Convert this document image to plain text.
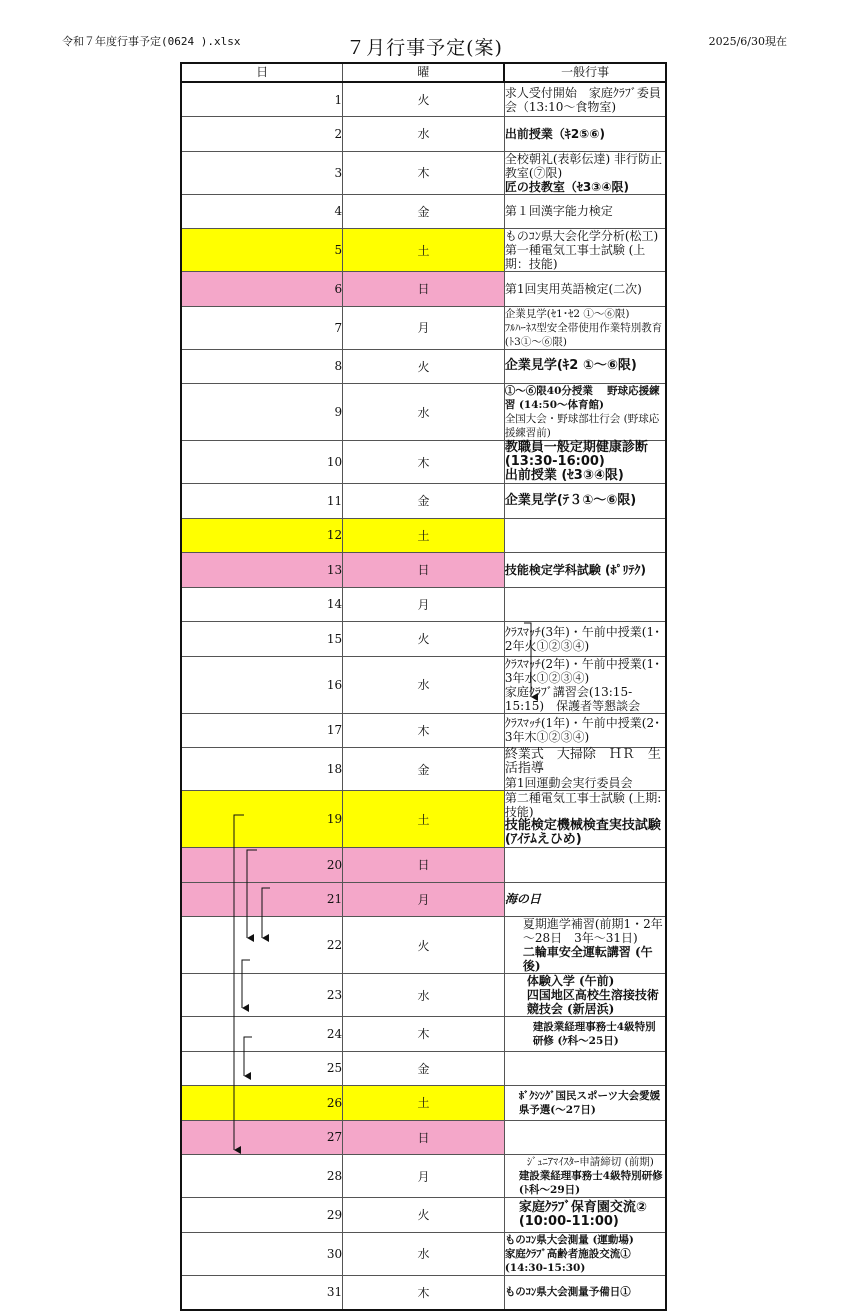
令和７年度行事予定(0624 ).xlsx	７月行事予定(案)	2025/6/30現在
日	曜	一般行事
1	火	求人受付開始　家庭ｸﾗﾌﾞ委員会（13:10～食物室)

2	水	出前授業（ｷ2⑤⑥)

3	木	全校朝礼(表彰伝達) 非行防止教室(⑦限)
匠の技教室（ｾ3③④限)

4	金	第１回漢字能力検定

5	土	ものｺﾝ県大会化学分析(松工)
第一種電気工事士試験 (上期：技能)

6	日	第1回実用英語検定(二次)

7	月	企業見学(ｾ1･ｾ2 ①～⑥限)
ﾌﾙﾊｰﾈｽ型安全帯使用作業特別教育 (ﾄ3①～⑥限)

8	火	企業見学(ｷ2 ①～⑥限)

9	水	①～⑥限40分授業　 野球応援練習 (14:50～体育館)
全国大会・野球部壮行会 (野球応援練習前)

10	木	教職員一般定期健康診断 (13:30-16:00)
出前授業 (ｾ3③④限)

11	金	企業見学(ﾃ３①～⑥限)

12	土	
13	日	技能検定学科試験 (ﾎﾟﾘﾃｸ)

14	月	
15	火	ｸﾗｽﾏｯﾁ(3年)・午前中授業(1･2年火①②③④)

16	水	ｸﾗｽﾏｯﾁ(2年)・午前中授業(1･3年水①②③④)
家庭ｸﾗﾌﾞ講習会(13:15-15:15)　保護者等懇談会

17	木	ｸﾗｽﾏｯﾁ(1年)・午前中授業(2･3年木①②③④)

18	金	終業式　大掃除　ＨＲ　生活指導
第1回運動会実行委員会

19	土	第二種電気工事士試験 (上期:技能)
技能検定機械検査実技試験 (ｱｲﾃﾑえひめ)

20	日	
21	月	海の日

22	火	夏期進学補習(前期1・2年～28日　3年～31日)
二輪車安全運転講習 (午後)

23	水	体験入学 (午前)
四国地区高校生溶接技術競技会 (新居浜)

24	木	建設業経理事務士4級特別研修 (ｹ科～25日)

25	金	
26	土	ﾎﾞｸｼﾝｸﾞ国民スポーツ大会愛媛県予選(～27日)

27	日	
28	月	ｼﾞｭﾆｱﾏｲｽﾀｰ申請締切 (前期)
建設業経理事務士4級特別研修 (ﾄ科～29日)

29	火	家庭ｸﾗﾌﾞ保育園交流② (10:00-11:00)

30	水	ものｺﾝ県大会測量 (運動場)
家庭ｸﾗﾌﾞ高齢者施設交流① (14:30-15:30)

31	木	ものｺﾝ県大会測量予備日①
